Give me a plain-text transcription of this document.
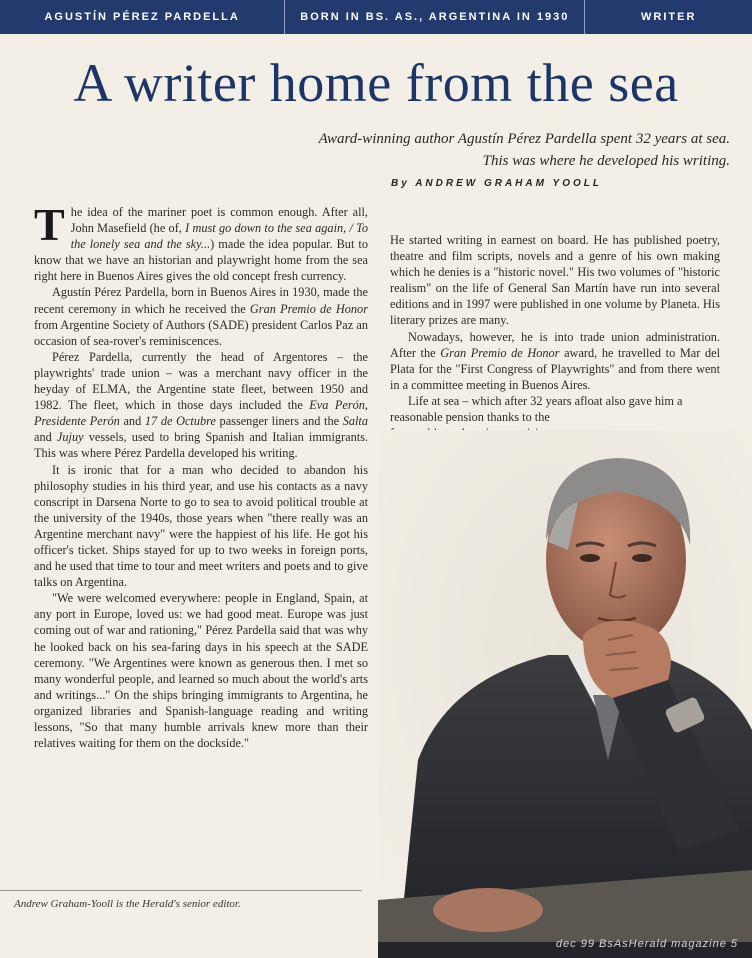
AGUSTÍN PÉREZ PARDELLA	BORN IN BS. AS., ARGENTINA IN 1930	WRITER
A writer home from the sea
Award-winning author Agustín Pérez Pardella spent 32 years at sea.
This was where he developed his writing.
By ANDREW GRAHAM YOOLL

The idea of the mariner poet is common enough. After all, John Masefield (he of, I must go down to the sea again, / To the lonely sea and the sky...) made the idea popular. But to know that we have an historian and playwright home from the sea right here in Buenos Aires gives the old concept fresh currency.

Agustín Pérez Pardella, born in Buenos Aires in 1930, made the recent ceremony in which he received the Gran Premio de Honor from Argentine Society of Authors (SADE) president Carlos Paz an occasion of sea-rover's reminiscences.

Pérez Pardella, currently the head of Argentores – the playwrights' trade union – was a merchant navy officer in the heyday of ELMA, the Argentine state fleet, between 1950 and 1982. The fleet, which in those days included the Eva Perón, Presidente Perón and 17 de Octubre passenger liners and the Salta and Jujuy vessels, used to bring Spanish and Italian immigrants. This was where Pérez Pardella developed his writing.

It is ironic that for a man who decided to abandon his philosophy studies in his third year, and use his contacts as a navy conscript in Darsena Norte to go to sea to avoid political trouble at the university of the 1940s, those years when "there really was an Argentine merchant navy" were the happiest of his life. He got his officer's ticket. Ships stayed for up to two weeks in foreign ports, and he used that time to tour and meet writers and poets and to give talks on Argentina.

"We were welcomed everywhere: people in England, Spain, at any port in Europe, loved us: we had good meat. Europe was just coming out of war and rationing," Pérez Pardella said that was why he looked back on his sea-faring days in his speech at the SADE ceremony. "We Argentines were known as generous then. I met so many wonderful people, and learned so much about the world's arts and writings..." On the ships bringing immigrants to Argentina, he organized libraries and Spanish-language reading and writing lessons, "So that many humble arrivals knew more than their relatives waiting for them on the dockside."

He started writing in earnest on board. He has published poetry, theatre and film scripts, novels and a genre of his own making which he denies is a "historic novel." His two volumes of "historic realism" on the life of General San Martín have run into several editions and in 1997 were published in one volume by Planeta. His literary prizes are many.

Nowadays, however, he is into trade union administration. After the Gran Premio de Honor award, he travelled to Mar del Plata for the "First Congress of Playwrights" and from there went in a committee meeting in Buenos Aires.

Life at sea – which after 32 years afloat also gave him a
reasonable pension thanks to the
Andrew Graham-Yooll is the Herald's senior editor.
dec 99 BsAsHerald magazine 5
